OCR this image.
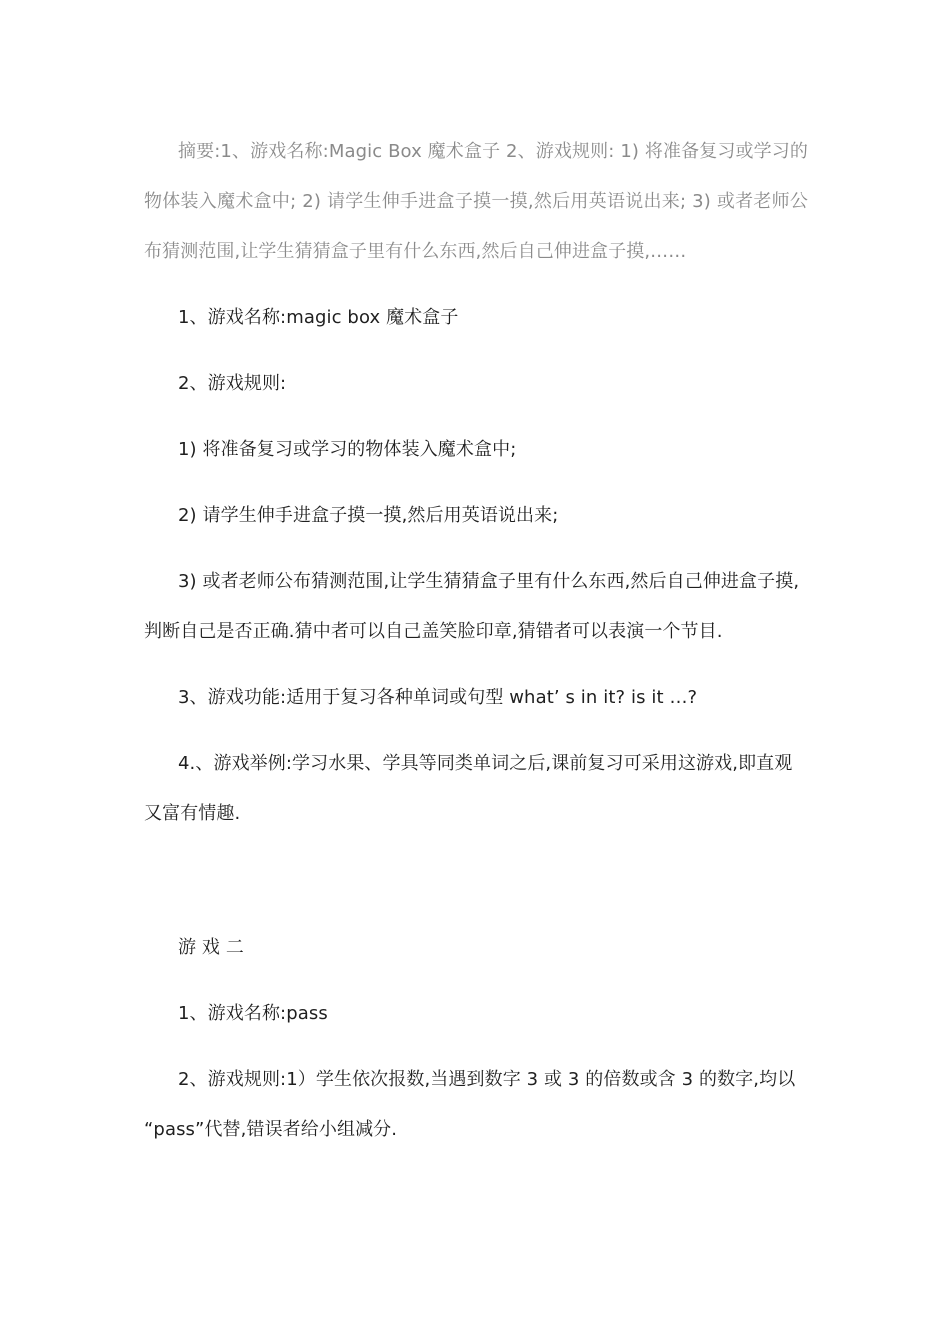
摘要:1、游戏名称:Magic Box 魔术盒子 2、游戏规则: 1) 将准备复习或学习的物体装入魔术盒中; 2) 请学生伸手进盒子摸一摸,然后用英语说出来; 3) 或者老师公布猜测范围,让学生猜猜盒子里有什么东西,然后自己伸进盒子摸,……

1、游戏名称:magic box 魔术盒子

2、游戏规则:

1) 将准备复习或学习的物体装入魔术盒中;

2) 请学生伸手进盒子摸一摸,然后用英语说出来;

3) 或者老师公布猜测范围,让学生猜猜盒子里有什么东西,然后自己伸进盒子摸,判断自己是否正确.猜中者可以自己盖笑脸印章,猜错者可以表演一个节目.

3、游戏功能:适用于复习各种单词或句型 what’ s in it? is it …?

4.、游戏举例:学习水果、学具等同类单词之后,课前复习可采用这游戏,即直观又富有情趣.

游 戏 二

1、游戏名称:pass

2、游戏规则:1）学生依次报数,当遇到数字 3 或 3 的倍数或含 3 的数字,均以 “pass”代替,错误者给小组减分.
